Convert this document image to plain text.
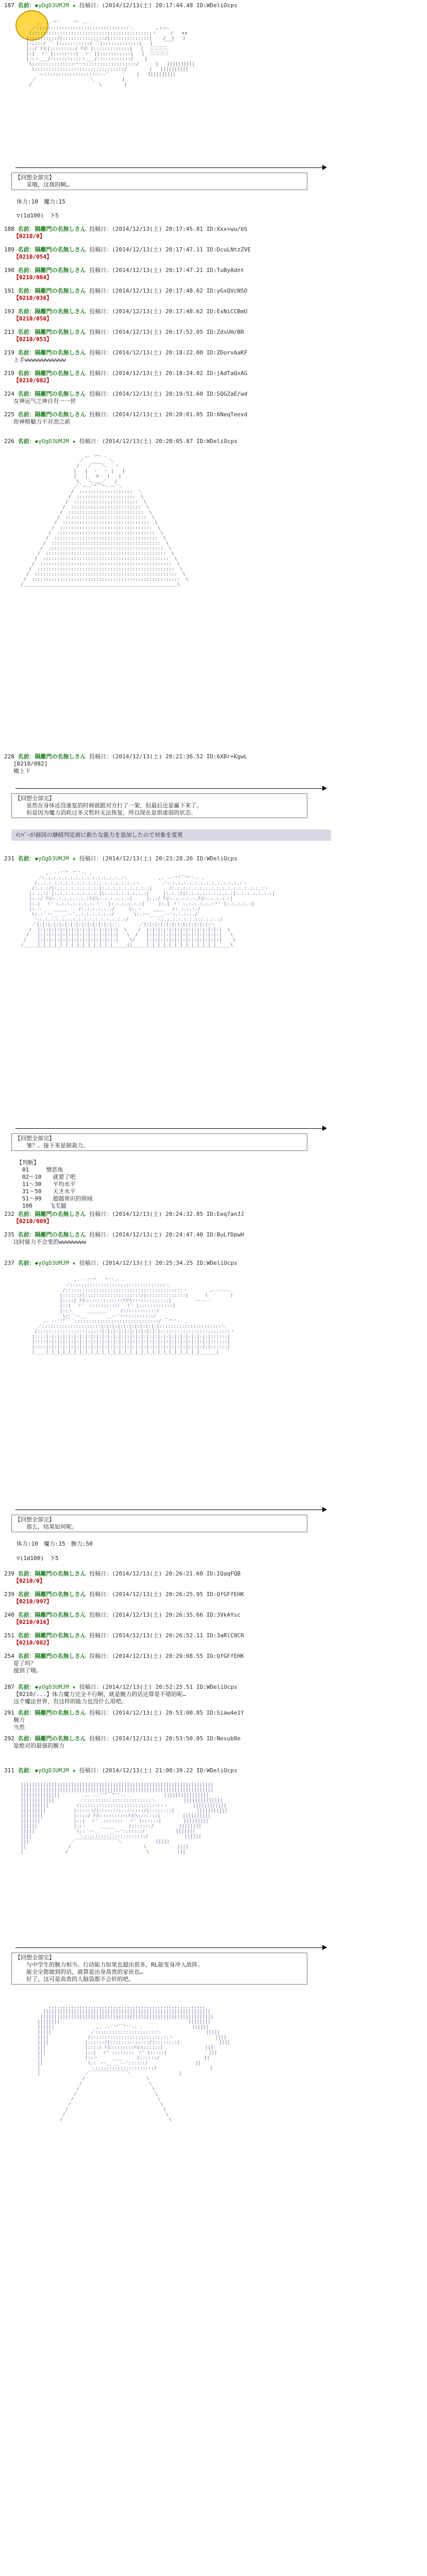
187 名前：◆yOgD3UMJM ★ 投稿日：(2014/12/13(土) 20:17:44.48 ID:WDeliOcps
,. -‐'"´￣￣｀"' ‐- 、
／:::::::::::::::::::::::::::::::::＼        ,ィ―-、
/:::::::::::::::::::::::::::::::::::::::::::ヽ     /   ∧∧
|::::::::::/|:::::::::::::::/|::::::::::::::|    /  (   )
|:::::/ ￣ |:::::::::::/ ￣|:::::::::::::|   |    ￣￣
|::/ ﾃ示|:::::::::/ ﾃ示 |:::::::::::::|   |  三三三三
|:|  ゞ' |::::::::|  ゞ' ||:::::::::::|   |  三三三三
|::ヽ___/:::::::::::ヽ___/::::::::::::/    |
\:::::::::::::::ー一:::::::::::::::::::/      |   ||||||||||
\::::::::::::::::::::::::::::::::/        |   ||||||||||
｀ｰ-::::::::::::::::::::-‐'          |   ||||||||||
／                   ＼          |
/                        \        |

【回想全部完】
　　采哦，这我的啊…
体力:10　魔力:15
▽(1d100)　下5
188 名前：隔離門の名無しさん 投稿日：(2014/12/13(土) 20:17:45.81 ID:Xxx+wu/bS
【0210/0】
189 名前：隔離門の名無しさん 投稿日：(2014/12/13(土) 20:17:47.11 ID:DcuLNtzZVE
【0210/054】
190 名前：隔離門の名無しさん 投稿日：(2014/12/13(土) 20:17:47.21 ID:TuByAdnt
【0210/004】
191 名前：隔離門の名無しさん 投稿日：(2014/12/13(土) 20:17:48.62 ID:yGxQVcNSO
【0210/036】
193 名前：隔離門の名無しさん 投稿日：(2014/12/13(土) 20:17:48.62 ID:ExNiCCBmU
【0210/050】
213 名前：隔離門の名無しさん 投稿日：(2014/12/13(土) 20:17:52.05 ID:ZdsUH/BR
【0210/053】
219 名前：隔離門の名無しさん 投稿日：(2014/12/13(土) 20:18:22.00 ID:ZDorvAaKF
上手wwwwwwwwwwww
219 名前：隔離門の名無しさん 投稿日：(2014/12/13(土) 20:18:24.02 ID:jAdTaQxAG
【0210/082】
224 名前：隔離門の名無しさん 投稿日：(2014/12/13(土) 20:19:51.60 ID:SQGZaE/wd
女神运气之神自有一一世
225 名前：隔離門の名無しさん 投稿日：(2014/12/13(土) 20:20:01.05 ID:6NeqTeevd
你神格魅力不对劲之前
226 名前：◆yOgD3UMJM ★ 投稿日：(2014/12/13(土) 20:20:05.87 ID:WDeliOcps
,. -―- 、
／         ＼
/   ／￣￣＼   ヽ
|   |  ・  ・ |   |
|   |   ▽   |   |
\   ＼＿＿／   /
／｀ｰ-‐'"￣"'‐-ｰ´＼
/  :::::::::::::::::::  ＼
/  :::::::::::::::::::::  \
/  :::::::::::::::::::::::  \
/  :::::::::::::::::::::::::  \
/  :::::::::::::::::::::::::::  \
/  :::::::::::::::::::::::::::::  \
/  :::::::::::::::::::::::::::::::  \
/  :::::::::::::::::::::::::::::::::  \
/  :::::::::::::::::::::::::::::::::::  \
/  :::::::::::::::::::::::::::::::::::::  \
/  :::::::::::::::::::::::::::::::::::::::  \
/  :::::::::::::::::::::::::::::::::::::::::  \
/  :::::::::::::::::::::::::::::::::::::::::::  \
/  :::::::::::::::::::::::::::::::::::::::::::::  \
/  :::::::::::::::::::::::::::::::::::::::::::::::  \
/  :::::::::::::::::::::::::::::::::::::::::::::::::  \
/  :::::::::::::::::::::::::::::::::::::::::::::::::::  \
/  :::::::::::::::::::::::::::::::::::::::::::::::::::::  \
/_______________________________________________________\

228 名前：隔離門の名無しさん 投稿日：(2014/12/13(土) 20:21:36.52 ID:6XBr+KgwL
[0210/082]
橄上下
【回想全部完】
　　虽然在身体还没康复的时候就跟对方打了一架，但最后还是赢下来了。
　　但是因为魔力消耗过多又暂时无法恢复，所以现在是很虚弱的状态。
ﾒﾝﾊﾞｰが前回の継続判定前に新たな能力を追加したので対象を変更
231 名前：◆yOgD3UMJM ★ 投稿日：(2014/12/13(土) 20:23:28.26 ID:WDeliOcps
,. -‐''"￣"''‐- 、
／:.:.:.:.:.:.:.:.:.:.:.:.:.:.:＼           ,. -‐''"￣"''‐- 、
/:.:.:.:.:.:.:.:.:.:.:.:.:.:.:.:.:.:ヽ        ／:.:.:.:.:.:.:.:.:.:.:.:.:.:＼
/:.:.:/|:.:.:.:.:.:.:.:.|:.:.:.:.:.:.:.:.:|      /:.:.:.:.:.:.:.:.:.:.:.:.:.:.:.:.:ヽ
|:.:.:/ |:.:.:.:.:.:.:.:.|\:.:.:.:.:.:.:.:|     |:.:.:/|:.:.:.:.:.:.:.:.:|:.:.:.:.:.:.:|
|:.:/ ﾃ示:.:.:.:.:.:.:ﾃ示\:.:.:.:.:.:|     |:.:/ ﾃ示:.:.:.:.:.ﾃ示:.:.:.:.:|
|:.|  ゞ' :.:.:.:.:.:.:.ゞ'  |:.:.:.:.:.:|     |:.| ゞ' :.:.:.:.:.:ゞ' |:.:.:.:.:|
|:.ヽ    _____    /:.:.:.:.:.:/     |:.ヽ    ____   /:.:.:.:./
\:.:｀ｰ-__ __-‐':.:.:.:.:.:.:/       \:.:ｰ-__ __-‐':.:.:.:./
＼:.:.:.:.:.:.:.:.:.:.:.:.:.:.:.:/          ＼:.:.:.:.:.:.:.:.:.:.:/
／|:|:|:|:|:|:|:|:|:|:|:|:|:|:＼       ／|:|:|:|:|:|:|:|:|:|:|:|:＼
/  |:|:|:|:|:|:|:|:|:|:|:|:|:|:|  \    /  |:|:|:|:|:|:|:|:|:|:|:|:|:|  \
/   |:|:|:|:|:|:|:|:|:|:|:|:|:|:|   \  /   |:|:|:|:|:|:|:|:|:|:|:|:|:|   \
/    |:|:|:|:|:|:|:|:|:|:|:|:|:|:|    \/    |:|:|:|:|:|:|:|:|:|:|:|:|:|    \
/_____|_|_|_|_|_|_|_|_|_|_|_|_|_|_____||_____|_|_|_|_|_|_|_|_|_|_|_|_|_____\

【回想全部完】
　　雏？。接下来是制裁力。
【判断】
　01　　　憎恶角
　02～10　　就要了吧
　11～30　　平均水平
　31～50　　天才水平
　51～99　　超越常识的领域
　100　　　飞毛腿
232 名前：隔離門の名無しさん 投稿日：(2014/12/13(土) 20:24:32.85 ID:Eeq7anJJ
【0210/009】
235 名前：隔離門の名無しさん 投稿日：(2014/12/13(土) 20:24:47.40 ID:BuLfDpwH
这时能力不会变的wwwwwwww
237 名前：◆yOgD3UMJM ★ 投稿日：(2014/12/13(土) 20:25:34.25 ID:WDeliOcps
,. -‐''"￣￣"''‐- 、
／::::::::::::::::::::::::::::::::::＼
/::::::::::::::::::::::::::::::::::::::::::ヽ        ,-‐‐‐‐-、
|::::::/|::::::::::::::::::::/|::::::::::::::|      (        )
|::::/ ﾃ示:::::::::::::ﾃ示\:::::::::::::|       ｀ｰ‐‐‐‐´
|::|  ゞ'  :::::::::::  ゞ' |::::::::::::|
|::ヽ     _______     /::::::::::::/
\::｀ｰ-__       __-‐'::::::::::::/
,. -‐''"￣ ＼:::::::::::::::::::::::::::::/ ￣"''‐- 、
／:::::::::::::::::::::|:|:|:|:|:|:|:|:|:|:|::::::::::::::::::::::＼
/:::::::::::::::::::::::|:|:|:|:|:|:|:|:|:|:|:::::::::::::::::::::::::ヽ
|::::|:|:|:|:|:|:|:|:|:|:|:|:|:|:|:|:|:|:|:|:|:|:|:|:|:|:|:|:|:|::::::|
|::::|:|:|:|:|:|:|:|:|:|:|:|:|:|:|:|:|:|:|:|:|:|:|:|:|:|:|:|:|:|::::::|
|::::|:|:|:|:|:|:|:|:|:|:|:|:|:|:|:|:|:|:|:|:|:|:|:|:|:|:|:|:|:|::::::|
|____|_|_|_|_|_|_|_|_|_|_|_|_|_|_|_|_|_|_|_|_|_|_|_|_|_|_|_|______|

【回想全部完】
　　那么，结果如何呢。
体力:10　魔力:15　腕力:50
▽(1d100)　下5
239 名前：隔離門の名無しさん 投稿日：(2014/12/13(土) 20:26:21.60 ID:IQaqFQB
【0210/0】
239 名前：隔離門の名無しさん 投稿日：(2014/12/13(土) 20:26:25.95 ID:QfGFfEHK
【0210/097】
240 名前：隔離門の名無しさん 投稿日：(2014/12/13(土) 20:26:35.66 ID:3VkAYsc
【0210/016】
251 名前：隔離門の名無しさん 投稿日：(2014/12/13(土) 20:26:52.11 ID:3aRlC8CR
【0210/082】
254 名前：隔離門の名無しさん 投稿日：(2014/12/13(土) 20:29:08.55 ID:QfGFfEHK
是了吗？
提到了哦。
287 名前：◆yOgD3UMJM ★ 投稿日：(2014/12/13(土) 20:52:25.51 ID:WDeliOcps
【0210/...】体力魔力完全不行啊、就是腕力的话还算是不错的呢…
这个魔法世界，有这样的能力也没什么用吧。
291 名前：隔離門の名無しさん 投稿日：(2014/12/13(土) 20:53:00.85 ID:Siaw4e1Y
腕力
当然
292 名前：隔離門の名無しさん 投稿日：(2014/12/13(土) 20:53:50.05 ID:Nesub8e
是绝对的最强的腕力
311 名前：◆yOgD3UMJM ★ 投稿日：(2014/12/13(土) 21:00:39.22 ID:WDeliOcps
|||||||||||||||||||||||||||||||||||||||||||||||||||||||||||||||||||||
|||||||||||||||||||||||||||||||||||||||||||||||||||||||||||||||||||||
||||||||||||||         ,. -‐''"￣"''‐- 、           ||||||||||||||||
||||||||||||         ／::::::::::::::::::::::::＼          ||||||||||||||
||||||||||          /::::::::::::::::::::::::::::::ヽ         ||||||||||||
|||||||||          |::::::/|::::::::::::::::/|::::::::|        |||||||||||
||||||||           |::::/ ﾃ示::::::::::ﾃ示\:::::::|        ||||||||||
|||||||            |::|  ゞ'  :::::::  ゞ' |::::::|        |||||||||
||||||             |::ヽ     _____     /:::::::/         ||||||||
|||||               \::｀ｰ-__   __-‐':::::::/           |||||||
||||                 ＼::::::::::::::::::::::/             ||||||
|||               ／￣￣￣￣￣￣￣￣￣＼            |||||
||               /                          \           ||||
|               /                            \          |||

【回想全部完】
　　与中学生的腕力相当。行动能力如果也超出很多，RL能变身冲入敌阵。
　　能全全都做到的话，就算是出身高贵的家伙也…
　　好了，这可是高贵的人脑袋都不会转的吧。

,,,,,,,,,,,,,,,,,,,,,,,,,,,,,,,,,,,,,,,,,,,,,,,,,,,,,,,,
||||||||||||||||||||||||||||||||||||||||||||||||||||||||||||
||||||||||||||||||||||||||||||||||||||||||||||||||||||||||||||
||||||||                                              ||||||||
||||||               ,. -‐''"￣"''‐- 、                 ||||||
|||||              ／::::::::::::::::::::::＼                |||||
||||              /::::::::::::::::::::::::::::ヽ               ||||
||||             |::::::/|::::::::::::::/|::::::::|              ||||
|||              |::::/ ﾃ示::::::::ﾃ示\::::::|               |||
|||              |::|  ゞ' :::::::: ゞ' |:::::|               |||
||               |::ヽ     ____     /::::::/                ||
||                \::｀ｰ-__ __-‐'::::::/                 ||
|                  ＼:::::::::::::::::::::/                   |
|                ／￣￣￣￣￣￣￣￣＼                 |
/                      \
/                        \
/                          \
/                            \
/                              \
/                                \
/                                  \
/                                    \
/                                      \
